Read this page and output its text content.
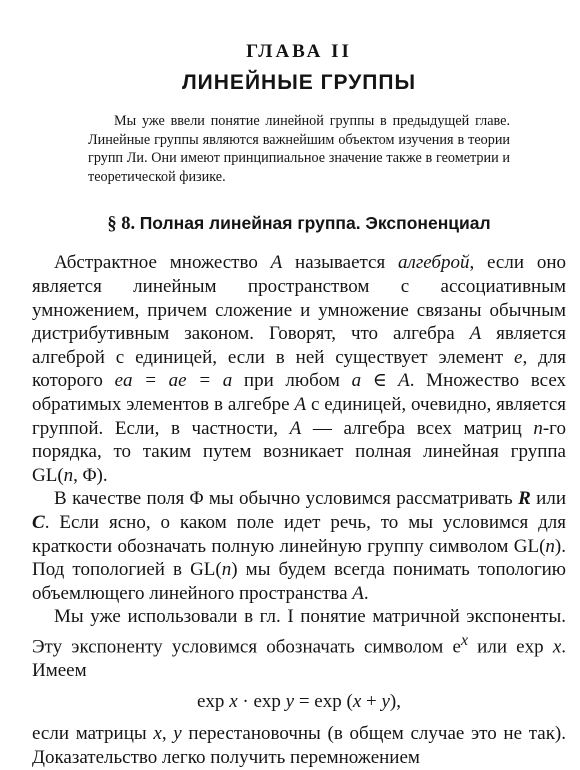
ГЛАВА II
ЛИНЕЙНЫЕ ГРУППЫ

Мы уже ввели понятие линейной группы в предыдущей главе. Линейные группы являются важнейшим объектом изучения в теории групп Ли. Они имеют принципиальное значение также в геометрии и теоретической физике.

§ 8. Полная линейная группа. Экспоненциал

Абстрактное множество A называется алгеброй, если оно является линейным пространством с ассоциативным умножением, причем сложение и умножение связаны обычным дистрибутивным законом. Говорят, что алгебра A является алгеброй с единицей, если в ней существует элемент e, для которого ea = ae = a при любом a ∈ A. Множество всех обратимых элементов в алгебре A с единицей, очевидно, является группой. Если, в частности, A — алгебра всех матриц n-го порядка, то таким путем возникает полная линейная группа GL(n, Φ).

В качестве поля Φ мы обычно условимся рассматривать R или C. Если ясно, о каком поле идет речь, то мы условимся для краткости обозначать полную линейную группу символом GL(n). Под топологией в GL(n) мы будем всегда понимать топологию объемлющего линейного пространства A.

Мы уже использовали в гл. I понятие матричной экспоненты. Эту экспоненту условимся обозначать символом $e^x$ или exp x. Имеем

exp x · exp y = exp (x + y),

если матрицы x, y перестановочны (в общем случае это не так). Доказательство легко получить перемножением
